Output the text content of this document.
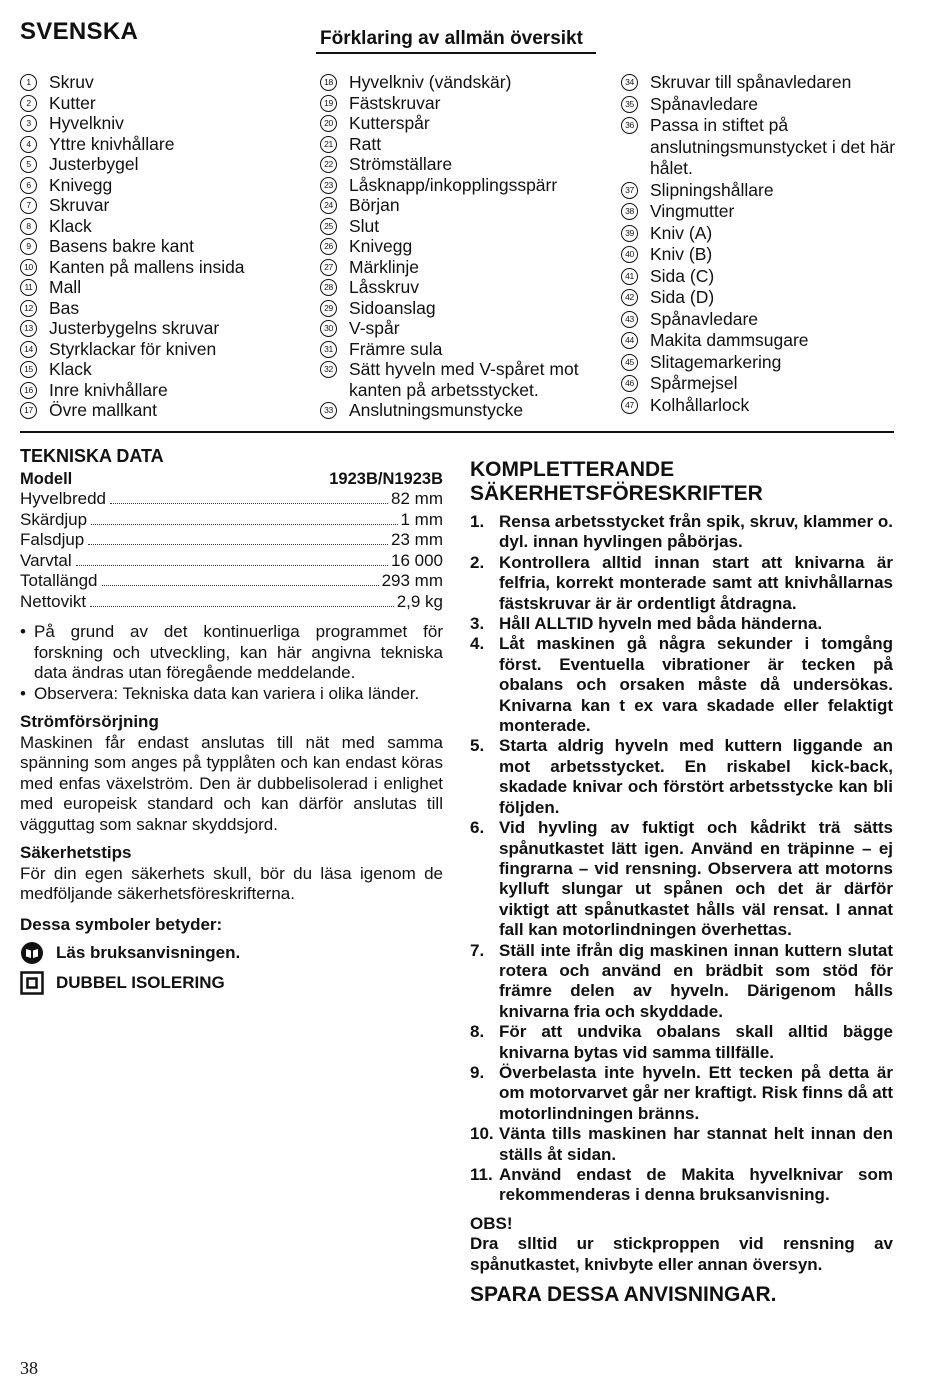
SVENSKA	Förklaring av allmän översikt
1	Skruv
2	Kutter
3	Hyvelkniv
4	Yttre knivhållare
5	Justerbygel
6	Knivegg
7	Skruvar
8	Klack
9	Basens bakre kant
10 Kanten på mallens insida
11 Mall
12 Bas
13 Justerbygelns skruvar
14 Styrklackar för kniven
15 Klack
16 Inre knivhållare
17 Övre mallkant
18 Hyvelkniv (vändskär)
19 Fästskruvar
20 Kutterspår
21 Ratt
22 Strömställare
23 Låsknapp/inkopplingsspärr
24 Början
25 Slut
26 Knivegg
27 Märklinje
28 Låsskruv
29 Sidoanslag
30 V-spår
31 Främre sula
32 Sätt hyveln med V-spåret mot kanten på arbetsstycket.
33 Anslutningsmunstycke
34 Skruvar till spånavledaren
35 Spånavledare
36 Passa in stiftet på anslutningsmunstycket i det här hålet.
37 Slipningshållare
38 Vingmutter
39 Kniv (A)
40 Kniv (B)
41 Sida (C)
42 Sida (D)
43 Spånavledare
44 Makita dammsugare
45 Slitagemarkering
46 Spårmejsel
47 Kolhållarlock
TEKNISKA DATA
Modell	1923B/N1923B
Hyvelbredd	82 mm
Skärdjup	1 mm
Falsdjup	23 mm
Varvtal	16 000
Totallängd	293 mm
Nettovikt	2,9 kg
• På grund av det kontinuerliga programmet för forskning och utveckling, kan här angivna tekniska data ändras utan föregående meddelande.
• Observera: Tekniska data kan variera i olika länder.
Strömförsörjning
Maskinen får endast anslutas till nät med samma spänning som anges på typplåten och kan endast köras med enfas växelström. Den är dubbelisolerad i enlighet med europeisk standard och kan därför anslutas till vägguttag som saknar skyddsjord.
Säkerhetstips
För din egen säkerhets skull, bör du läsa igenom de medföljande säkerhetsföreskrifterna.
Dessa symboler betyder:
Läs bruksanvisningen.
DUBBEL ISOLERING
KOMPLETTERANDE SÄKERHETSFÖRESKRIFTER
1. Rensa arbetsstycket från spik, skruv, klammer o. dyl. innan hyvlingen påbörjas.
2. Kontrollera alltid innan start att knivarna är felfria, korrekt monterade samt att knivhållarnas fästskruvar är är ordentligt åtdragna.
3. Håll ALLTID hyveln med båda händerna.
4. Låt maskinen gå några sekunder i tomgång först. Eventuella vibrationer är tecken på obalans och orsaken måste då undersökas. Knivarna kan t ex vara skadade eller felaktigt monterade.
5. Starta aldrig hyveln med kuttern liggande an mot arbetsstycket. En riskabel kick-back, skadade knivar och förstört arbetsstycke kan bli följden.
6. Vid hyvling av fuktigt och kådrikt trä sätts spånutkastet lätt igen. Använd en träpinne – ej fingrarna – vid rensning. Observera att motorns kylluft slungar ut spånen och det är därför viktigt att spånutkastet hålls väl rensat. I annat fall kan motorlindningen överhettas.
7. Ställ inte ifrån dig maskinen innan kuttern slutat rotera och använd en brädbit som stöd för främre delen av hyveln. Därigenom hålls knivarna fria och skyddade.
8. För att undvika obalans skall alltid bägge knivarna bytas vid samma tillfälle.
9. Överbelasta inte hyveln. Ett tecken på detta är om motorvarvet går ner kraftigt. Risk finns då att motorlindningen bränns.
10. Vänta tills maskinen har stannat helt innan den ställs åt sidan.
11. Använd endast de Makita hyvelknivar som rekommenderas i denna bruksanvisning.
OBS!
Dra slltid ur stickproppen vid rensning av spånutkastet, knivbyte eller annan översyn.
SPARA DESSA ANVISNINGAR.
38
